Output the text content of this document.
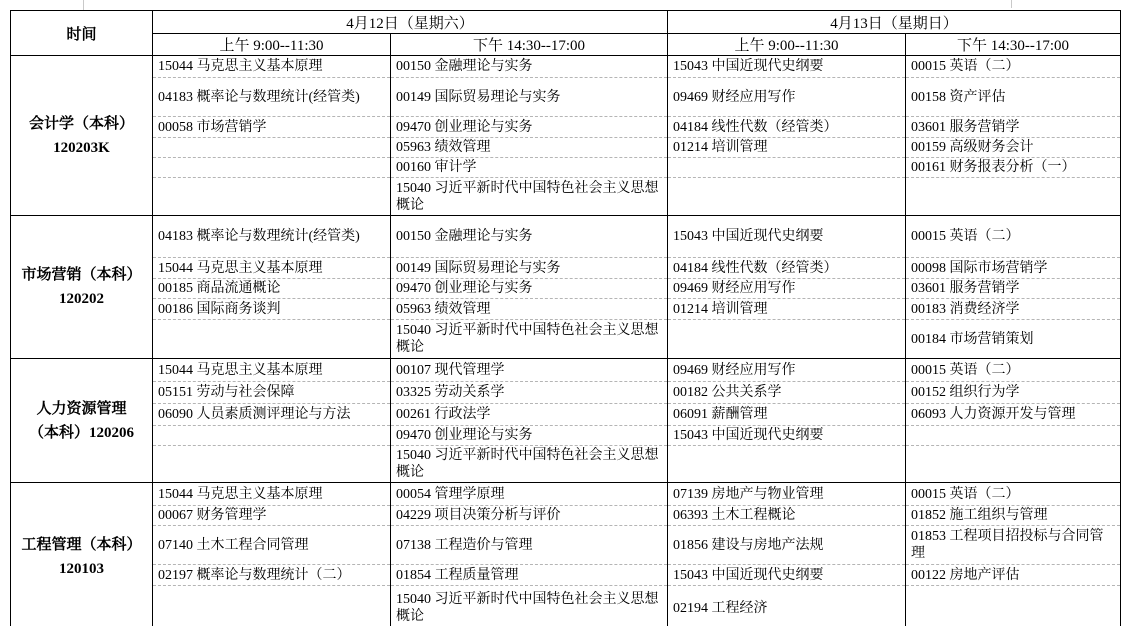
时间	4月12日（星期六）		4月13日（星期日）	
	上午 9:00--11:30	下午 14:30--17:00	上午 9:00--11:30	下午 14:30--17:00

会计学（本科）
120203K	15044 马克思主义基本原理	00150 金融理论与实务	15043 中国近现代史纲要	00015 英语（二）
	04183 概率论与数理统计(经管类)	00149 国际贸易理论与实务	09469 财经应用写作	00158 资产评估
	00058 市场营销学	09470 创业理论与实务	04184 线性代数（经管类）	03601 服务营销学
		05963 绩效管理	01214 培训管理	00159 高级财务会计
		00160 审计学		00161 财务报表分析（一）
		15040 习近平新时代中国特色社会主义思想概论		

市场营销（本科）
120202	04183 概率论与数理统计(经管类)	00150 金融理论与实务	15043 中国近现代史纲要	00015 英语（二）
	15044 马克思主义基本原理	00149 国际贸易理论与实务	04184 线性代数（经管类）	00098 国际市场营销学
	00185 商品流通概论	09470 创业理论与实务	09469 财经应用写作	03601 服务营销学
	00186 国际商务谈判	05963 绩效管理	01214 培训管理	00183 消费经济学
		15040 习近平新时代中国特色社会主义思想概论		00184 市场营销策划

人力资源管理
（本科）120206	15044 马克思主义基本原理	00107 现代管理学	09469 财经应用写作	00015 英语（二）
	05151 劳动与社会保障	03325 劳动关系学	00182 公共关系学	00152 组织行为学
	06090 人员素质测评理论与方法	00261 行政法学	06091 薪酬管理	06093 人力资源开发与管理
		09470 创业理论与实务	15043 中国近现代史纲要	
		15040 习近平新时代中国特色社会主义思想概论		

工程管理（本科）
120103	15044 马克思主义基本原理	00054 管理学原理	07139 房地产与物业管理	00015 英语（二）
	00067 财务管理学	04229 项目决策分析与评价	06393 土木工程概论	01852 施工组织与管理
	07140 土木工程合同管理	07138 工程造价与管理	01856 建设与房地产法规	01853 工程项目招投标与合同管理
	02197 概率论与数理统计（二）	01854 工程质量管理	15043 中国近现代史纲要	00122 房地产评估
		15040 习近平新时代中国特色社会主义思想概论	02194 工程经济	
